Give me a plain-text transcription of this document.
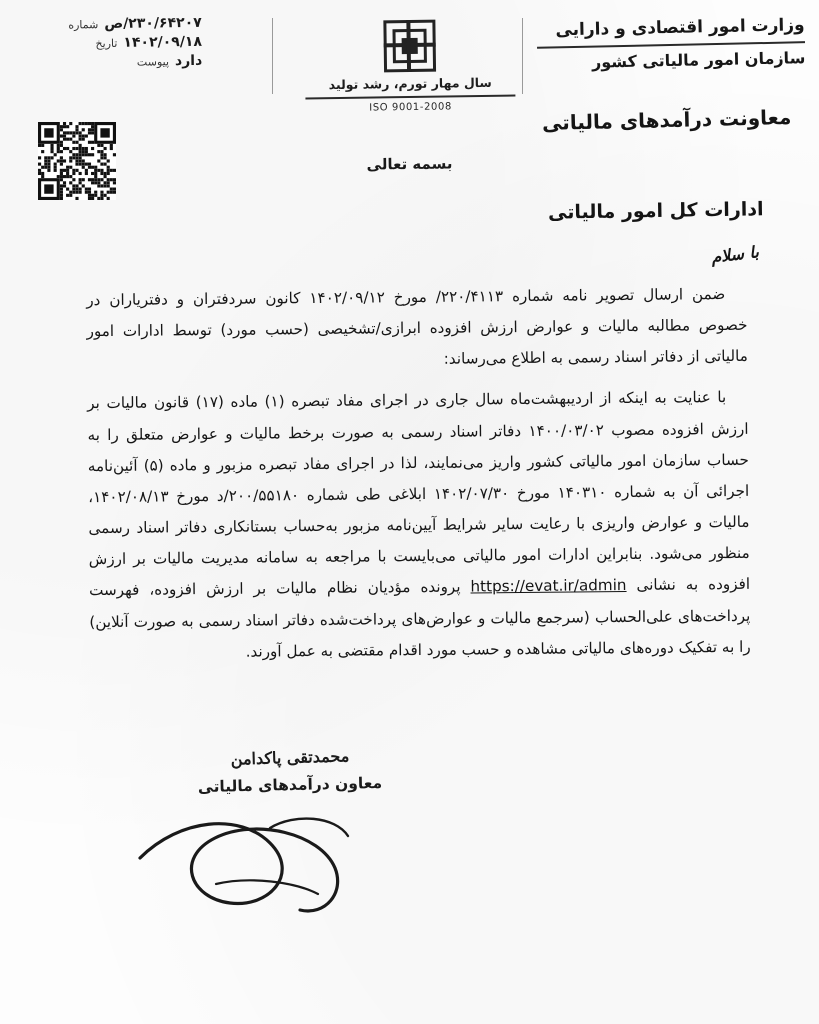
وزارت امور اقتصادی و دارایی
سازمان امور مالیاتی کشور
سال مهار تورم، رشد تولید
ISO 9001-2008
۲۳۰/۶۴۲۰۷/ص
شماره
۱۴۰۲/۰۹/۱۸
تاریخ
دارد
پیوست
معاونت درآمدهای مالیاتی
بسمه تعالی
ادارات کل امور مالیاتی
با سلام

ضمن ارسال تصویر نامه شماره ۲۲۰/۴۱۱۳/ مورخ ۱۴۰۲/۰۹/۱۲ کانون سردفتران و دفتریاران در خصوص مطالبه مالیات و عوارض ارزش افزوده ابرازی/تشخیصی (حسب مورد) توسط ادارات امور مالیاتی از دفاتر اسناد رسمی به اطلاع می‌رساند:

با عنایت به اینکه از اردیبهشت‌ماه سال جاری در اجرای مفاد تبصره (۱) ماده (۱۷) قانون مالیات بر ارزش افزوده مصوب ۱۴۰۰/۰۳/۰۲ دفاتر اسناد رسمی به صورت برخط مالیات و عوارض متعلق را به حساب سازمان امور مالیاتی کشور واریز می‌نمایند، لذا در اجرای مفاد تبصره مزبور و ماده (۵) آئین‌نامه اجرائی آن به شماره ۱۴۰۳۱۰ مورخ ۱۴۰۲/۰۷/۳۰ ابلاغی طی شماره ۲۰۰/۵۵۱۸۰/د مورخ ۱۴۰۲/۰۸/۱۳، مالیات و عوارض واریزی با رعایت سایر شرایط آیین‌نامه مزبور به‌حساب بستانکاری دفاتر اسناد رسمی منظور می‌شود. بنابراین ادارات امور مالیاتی می‌بایست با مراجعه به سامانه مدیریت مالیات بر ارزش افزوده به نشانی https://evat.ir/admin پرونده مؤدیان نظام مالیات بر ارزش افزوده، فهرست پرداخت‌های علی‌الحساب (سرجمع مالیات و عوارض‌های پرداخت‌شده دفاتر اسناد رسمی به صورت آنلاین) را به تفکیک دوره‌های مالیاتی مشاهده و حسب مورد اقدام مقتضی به عمل آورند.

محمدتقی پاکدامن
معاون درآمدهای مالیاتی
